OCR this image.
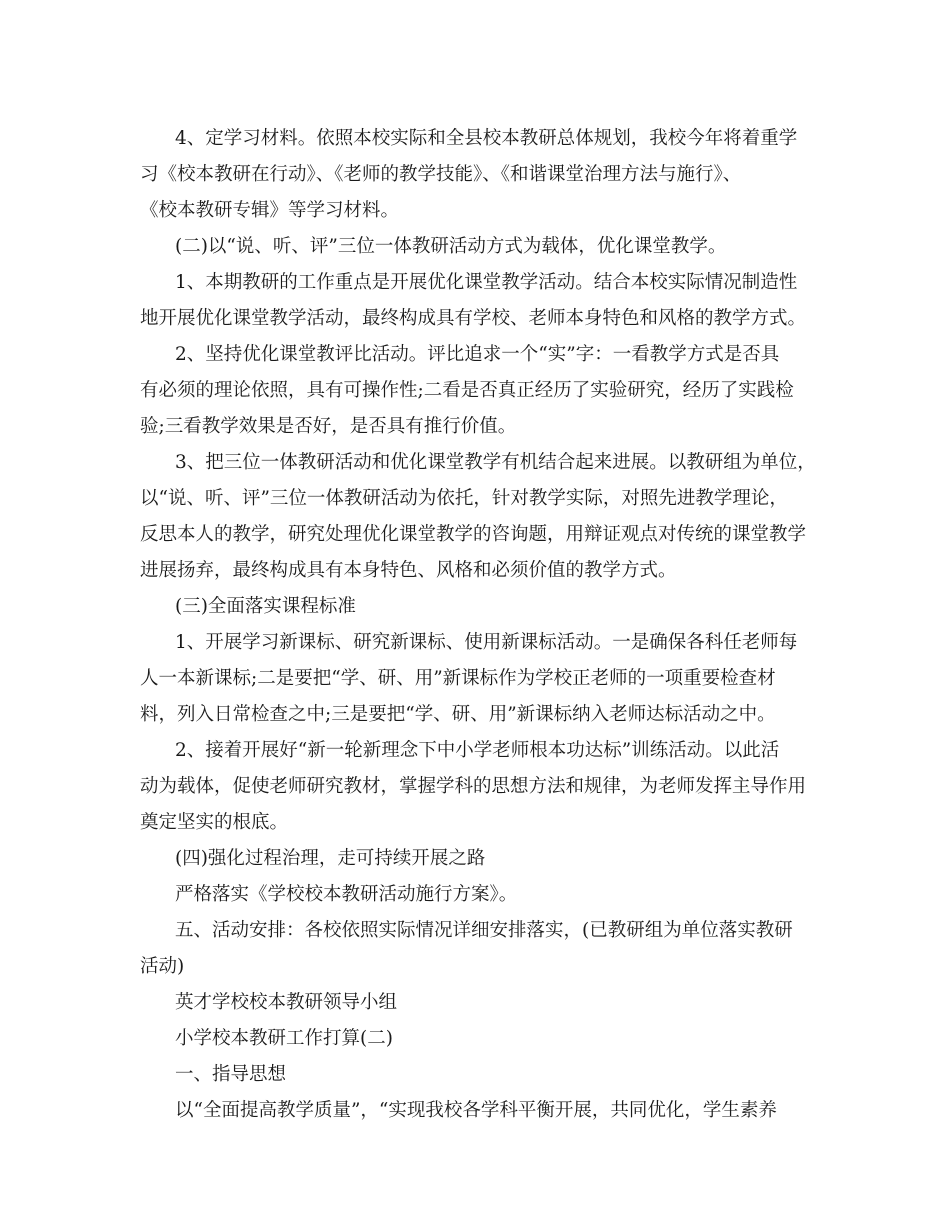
4、定学习材料。依照本校实际和全县校本教研总体规划，我校今年将着重学
习《校本教研在行动》、《老师的教学技能》、《和谐课堂治理方法与施行》、
《校本教研专辑》等学习材料。
(二)以“说、听、评”三位一体教研活动方式为载体，优化课堂教学。
1、本期教研的工作重点是开展优化课堂教学活动。结合本校实际情况制造性
地开展优化课堂教学活动，最终构成具有学校、老师本身特色和风格的教学方式。
2、坚持优化课堂教评比活动。评比追求一个“实”字：一看教学方式是否具
有必须的理论依照，具有可操作性;二看是否真正经历了实验研究，经历了实践检
验;三看教学效果是否好，是否具有推行价值。
3、把三位一体教研活动和优化课堂教学有机结合起来进展。以教研组为单位，
以“说、听、评”三位一体教研活动为依托，针对教学实际，对照先进教学理论，
反思本人的教学，研究处理优化课堂教学的咨询题，用辩证观点对传统的课堂教学
进展扬弃，最终构成具有本身特色、风格和必须价值的教学方式。
(三)全面落实课程标准
1、开展学习新课标、研究新课标、使用新课标活动。一是确保各科任老师每
人一本新课标;二是要把“学、研、用”新课标作为学校正老师的一项重要检查材
料，列入日常检查之中;三是要把“学、研、用”新课标纳入老师达标活动之中。
2、接着开展好“新一轮新理念下中小学老师根本功达标”训练活动。以此活
动为载体，促使老师研究教材，掌握学科的思想方法和规律，为老师发挥主导作用
奠定坚实的根底。
(四)强化过程治理，走可持续开展之路
严格落实《学校校本教研活动施行方案》。
五、活动安排：各校依照实际情况详细安排落实，(已教研组为单位落实教研
活动)
英才学校校本教研领导小组
小学校本教研工作打算(二)
一、指导思想
以“全面提高教学质量”，“实现我校各学科平衡开展，共同优化，学生素养
